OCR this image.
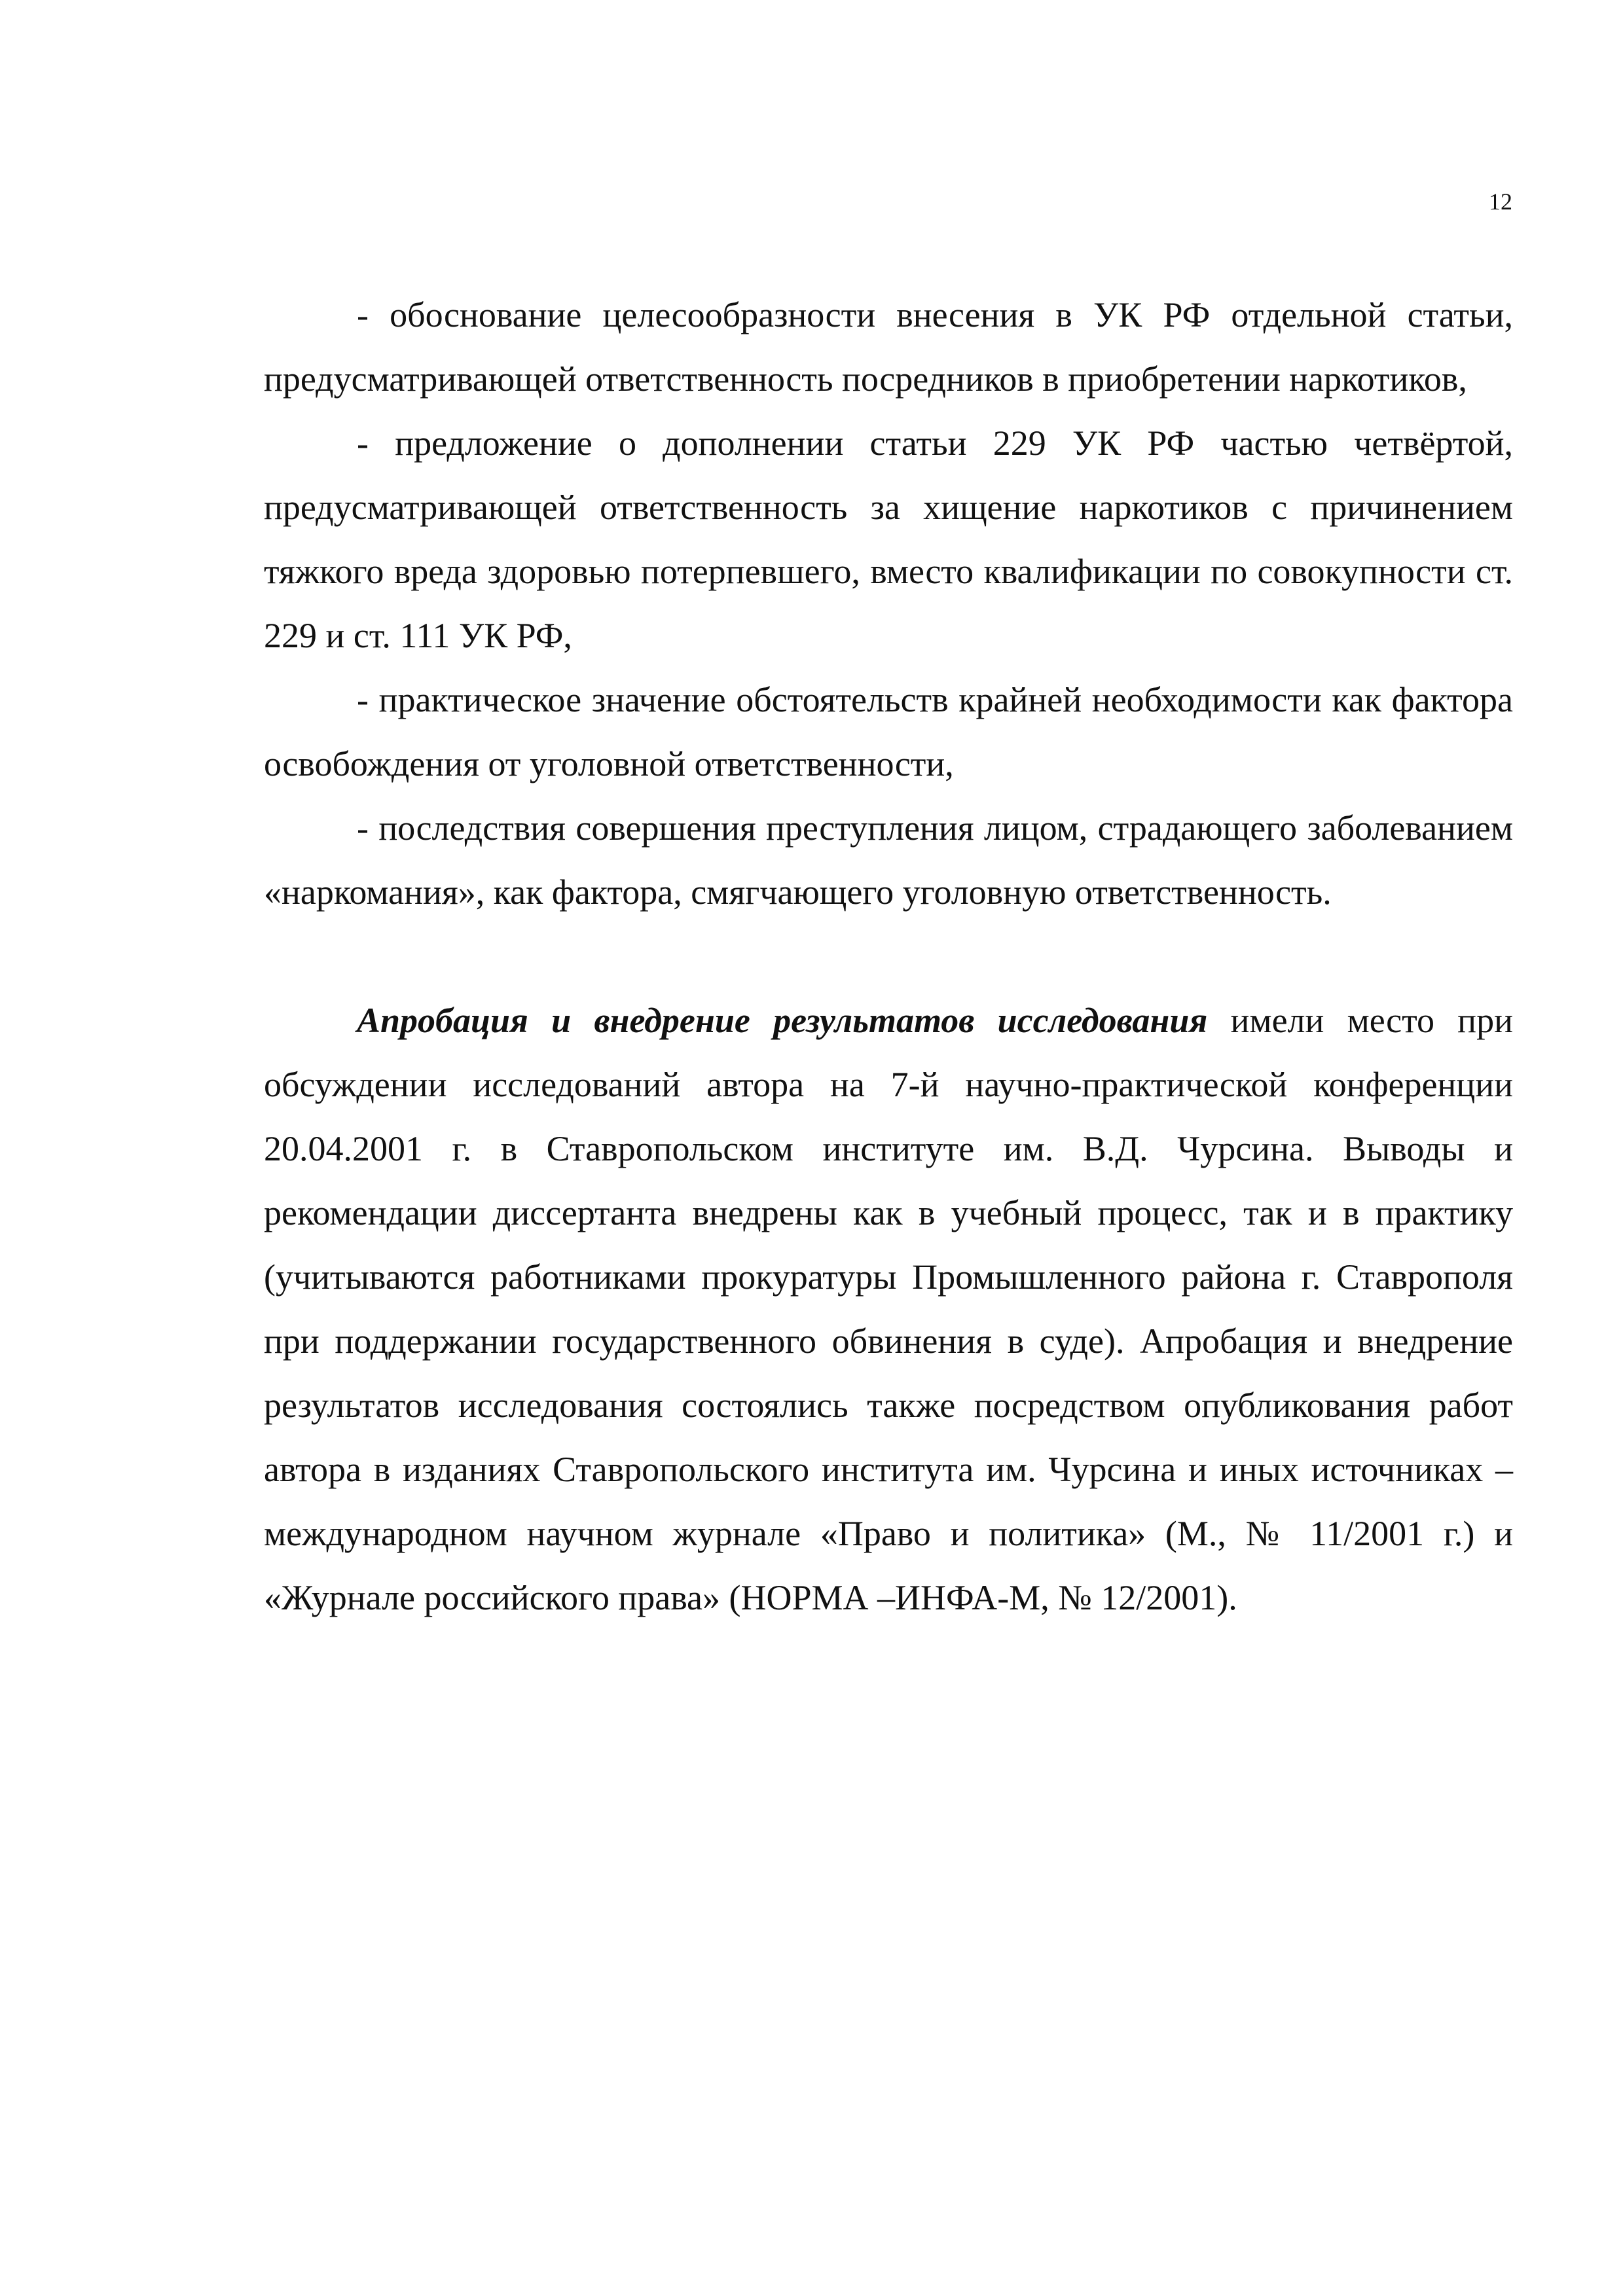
12

- обоснование целесообразности внесения в УК РФ отдельной статьи, предусматривающей ответственность посредников в приобретении наркотиков,

- предложение о дополнении статьи 229 УК РФ частью четвёртой, предусматривающей ответственность за хищение наркотиков с причинением тяжкого вреда здоровью потерпевшего, вместо квалификации по совокупности ст. 229 и ст. 111 УК РФ,

- практическое значение обстоятельств крайней необходимости как фактора освобождения от уголовной ответственности,

- последствия совершения преступления лицом, страдающего заболеванием «наркомания», как фактора, смягчающего уголовную ответственность.

Апробация и внедрение результатов исследования имели место при обсуждении исследований автора на 7-й научно-практической конференции 20.04.2001 г. в Ставропольском институте им. В.Д. Чурсина. Выводы и рекомендации диссертанта внедрены как в учебный процесс, так и в практику (учитываются работниками прокуратуры Промышленного района г. Ставрополя при поддержании государственного обвинения в суде). Апробация и внедрение результатов исследования состоялись также посредством опубликования работ автора в изданиях Ставропольского института им. Чурсина и иных источниках – международном научном журнале «Право и политика» (М., № 11/2001 г.) и «Журнале российского права» (НОРМА –ИНФА-М, № 12/2001).
